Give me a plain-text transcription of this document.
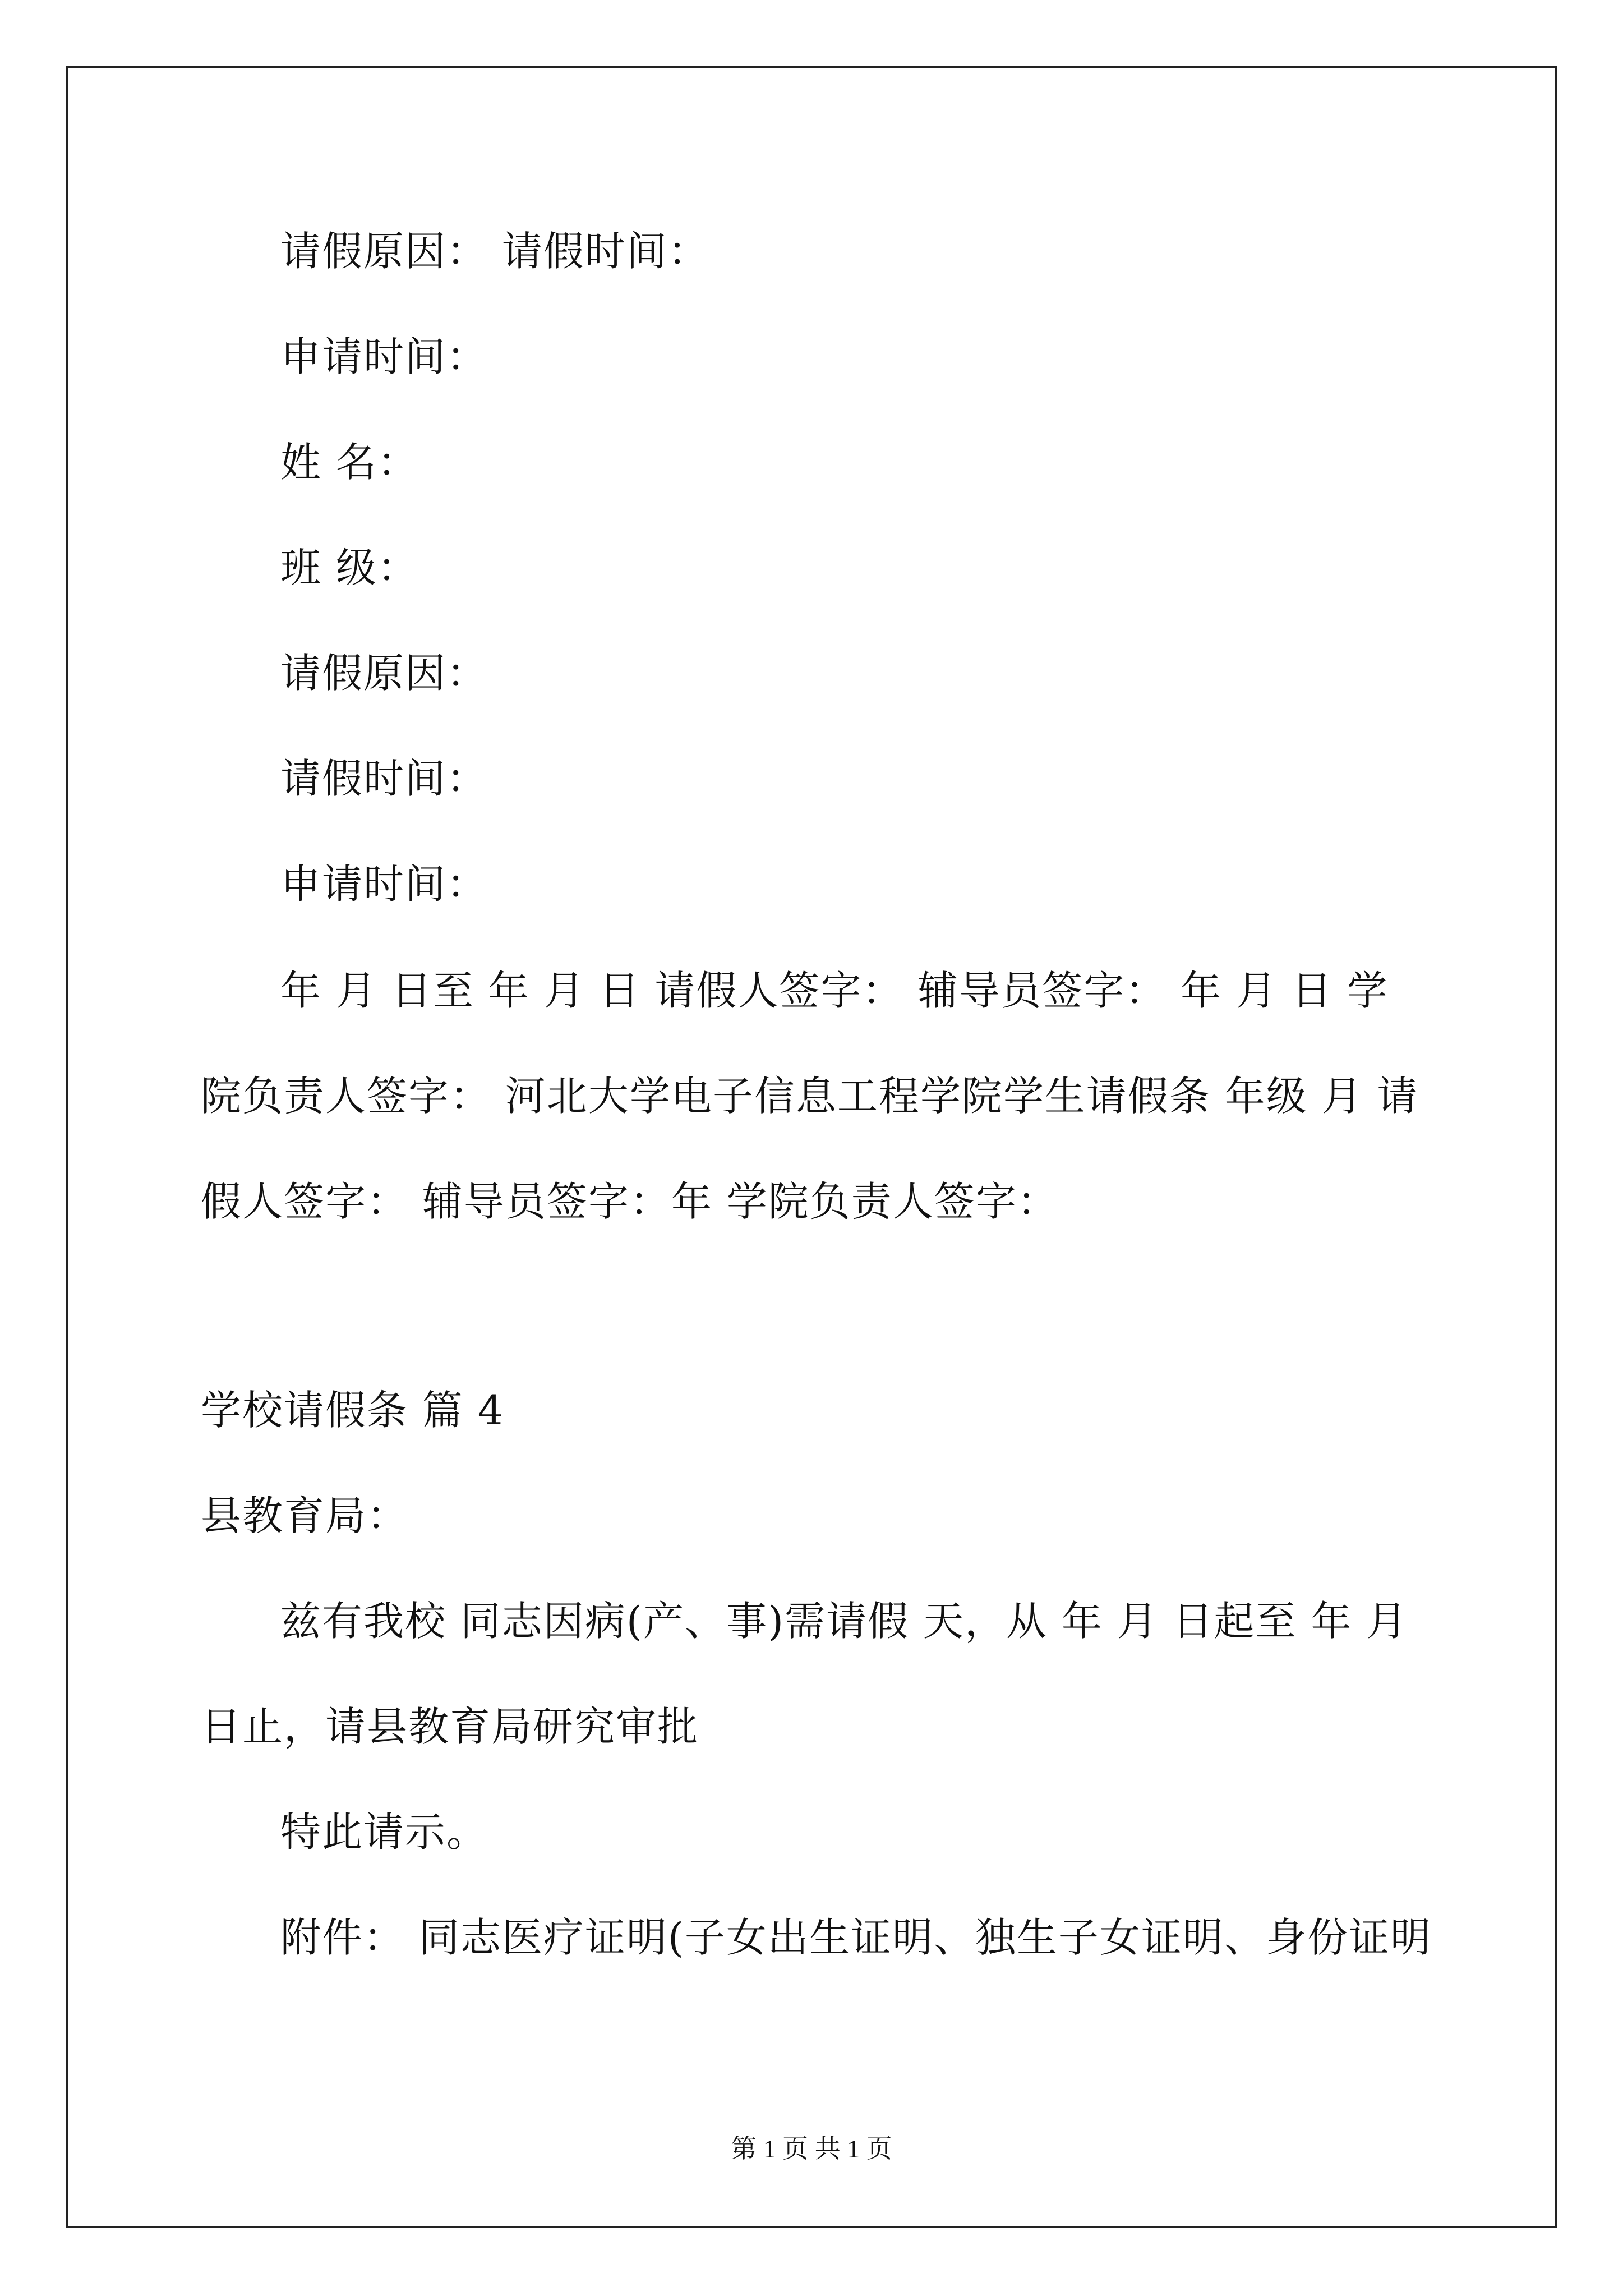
请假原因： 请假时间：
申请时间：
姓 名：
班 级：
请假原因：
请假时间：
申请时间：
年 月 日至 年 月 日 请假人签字： 辅导员签字： 年 月 日 学
院负责人签字： 河北大学电子信息工程学院学生请假条 年级 月 请
假人签字： 辅导员签字：年 学院负责人签字：
学校请假条 篇 4
县教育局：
兹有我校 同志因病(产、事)需请假 天，从 年 月 日起至 年 月
日止，请县教育局研究审批
特此请示。
附件： 同志医疗证明(子女出生证明、独生子女证明、身份证明
第 1 页 共 1 页
